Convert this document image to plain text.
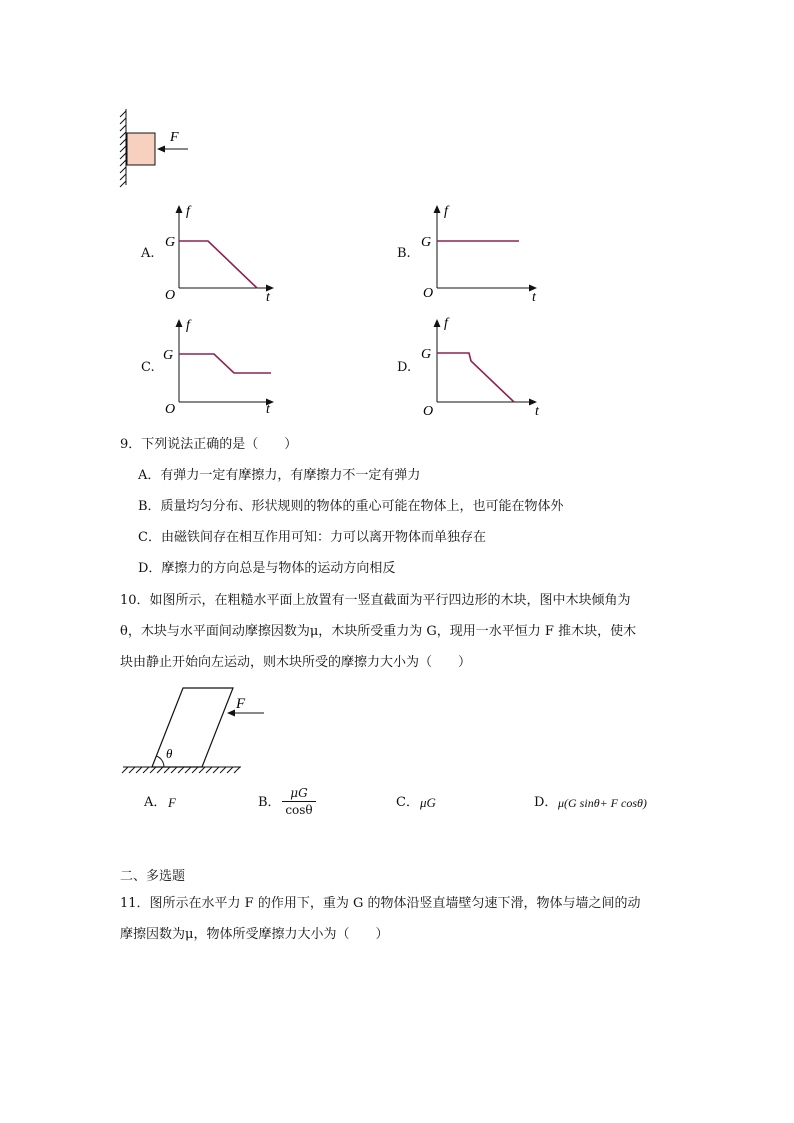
F
A.
f
G
O	t
B.
f
G
O	t
C.
f
G
O	t
D.
f
G
O	t
9．下列说法正确的是（　　）
A．有弹力一定有摩擦力，有摩擦力不一定有弹力
B．质量均匀分布、形状规则的物体的重心可能在物体上，也可能在物体外
C．由磁铁间存在相互作用可知：力可以离开物体而单独存在
D．摩擦力的方向总是与物体的运动方向相反
10．如图所示，在粗糙水平面上放置有一竖直截面为平行四边形的木块，图中木块倾角为
θ，木块与水平面间动摩擦因数为μ，木块所受重力为 G，现用一水平恒力 F 推木块，使木
块由静止开始向左运动，则木块所受的摩擦力大小为（　　）
θ
F
A． F	B．
μG
cosθ	C． μG	D． μ(G sinθ+ F cosθ)
二、多选题
11．图所示在水平力 F 的作用下，重为 G 的物体沿竖直墙壁匀速下滑，物体与墙之间的动
摩擦因数为μ，物体所受摩擦力大小为（　　）
